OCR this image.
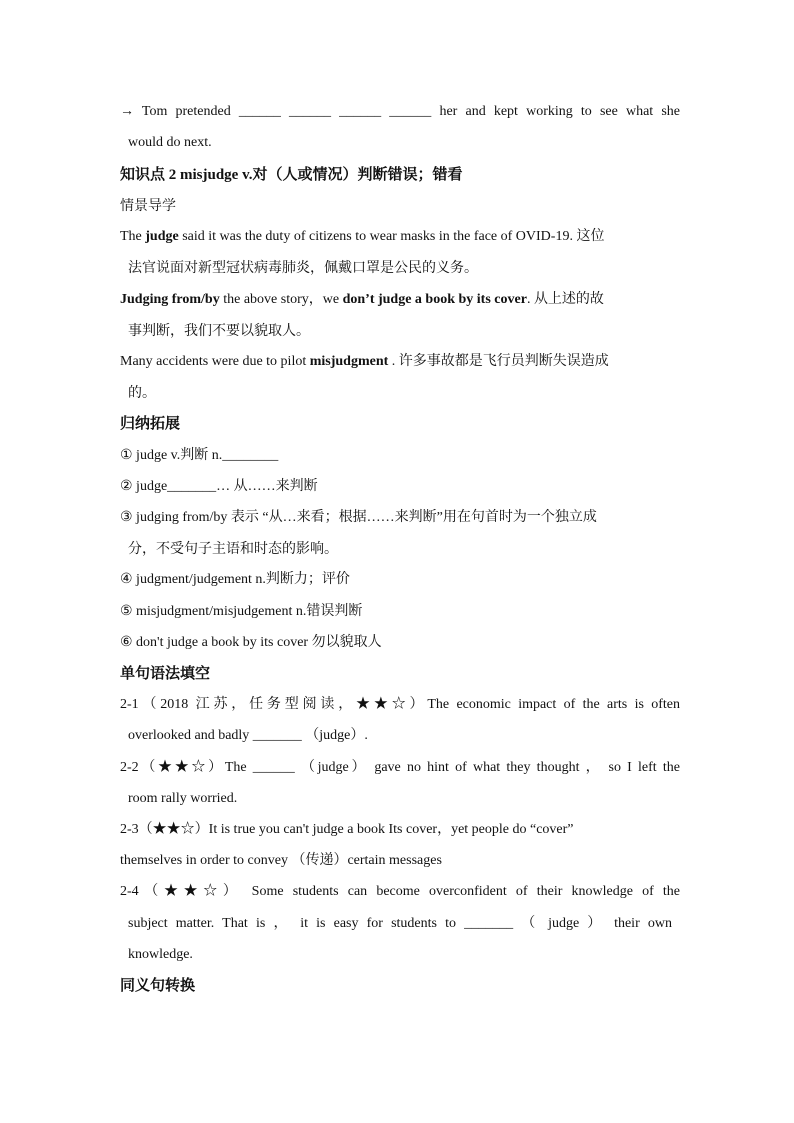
→ Tom pretended ______ ______ ______ ______ her and kept working to see what she
would do next.
知识点 2 misjudge v.对（人或情况）判断错误；错看
情景导学
The judge said it was the duty of citizens to wear masks in the face of OVID-19. 这位
法官说面对新型冠状病毒肺炎，佩戴口罩是公民的义务。
Judging from/by the above story，we don’t judge a book by its cover. 从上述的故
事判断，我们不要以貌取人。
Many accidents were due to pilot misjudgment . 许多事故都是飞行员判断失误造成
的。
归纳拓展
① judge v.判断 n.________
② judge_______… 从……来判断
③ judging from/by 表示 “从…来看；根据……来判断”用在句首时为一个独立成
分，不受句子主语和时态的影响。
④ judgment/judgement n.判断力；评价
⑤ misjudgment/misjudgement n.错误判断
⑥ don't judge a book by its cover 勿以貌取人
单句语法填空
2-1（2018 江苏，任务型阅读，★★☆）The economic impact of the arts is often
overlooked and badly _______ （judge）.
2-2（★★☆）The ______ （judge） gave no hint of what they thought ， so I left the
room rally worried.
2-3（★★☆）It is true you can't judge a book Its cover，yet people do “cover”
themselves in order to convey （传递）certain messages
2-4（★★☆） Some students can become overconfident of their knowledge of the
subject matter. That is ， it is easy for students to _______ （ judge ） their own
knowledge.
同义句转换
